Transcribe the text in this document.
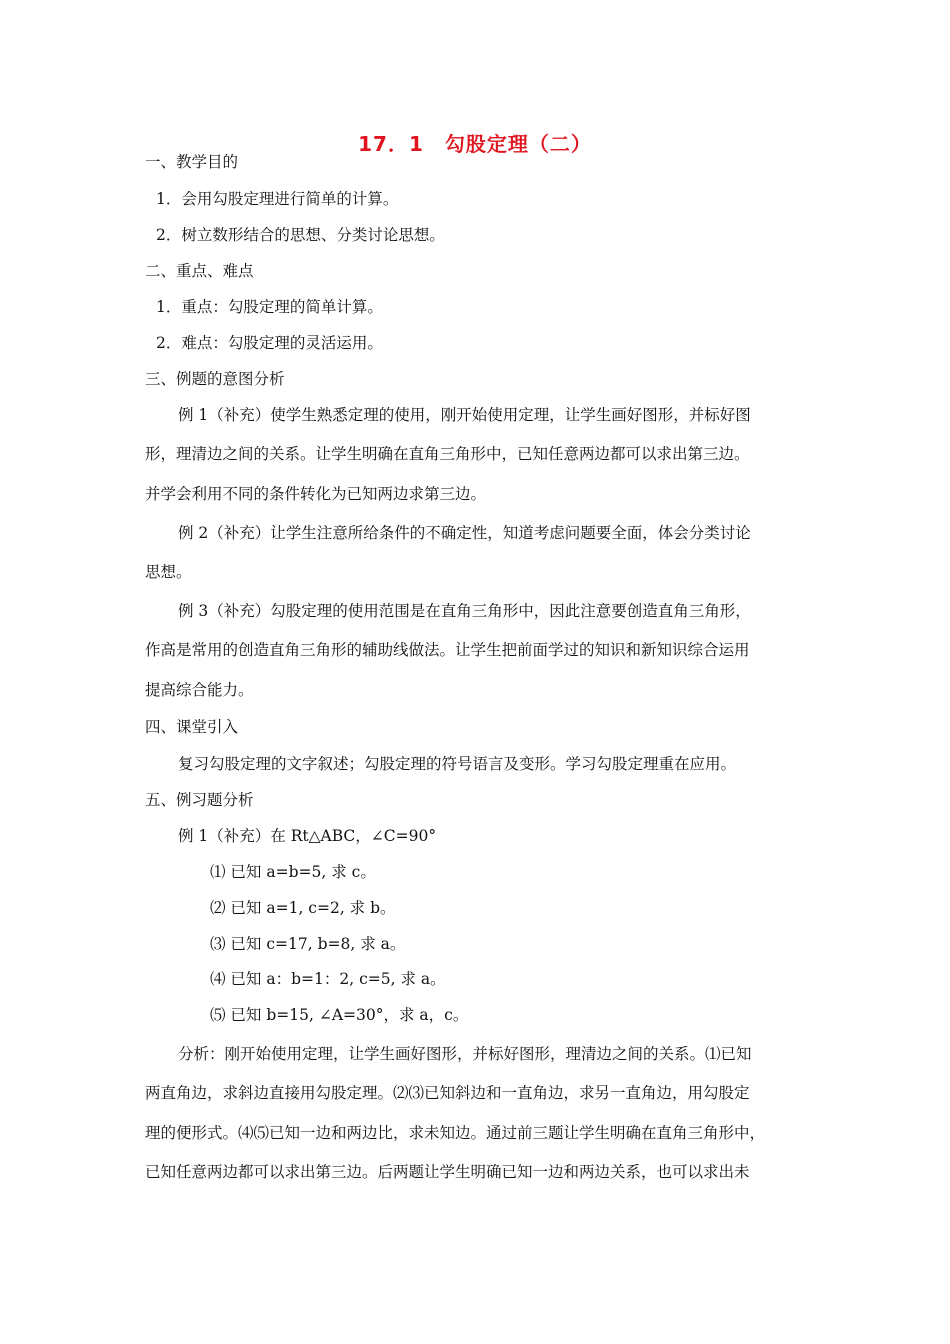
17．1　勾股定理（二）
一、教学目的
1．会用勾股定理进行简单的计算。
2．树立数形结合的思想、分类讨论思想。
二、重点、难点
1．重点：勾股定理的简单计算。
2．难点：勾股定理的灵活运用。
三、例题的意图分析
例 1（补充）使学生熟悉定理的使用，刚开始使用定理，让学生画好图形，并标好图
形，理清边之间的关系。让学生明确在直角三角形中，已知任意两边都可以求出第三边。
并学会利用不同的条件转化为已知两边求第三边。
例 2（补充）让学生注意所给条件的不确定性，知道考虑问题要全面，体会分类讨论
思想。
例 3（补充）勾股定理的使用范围是在直角三角形中，因此注意要创造直角三角形，
作高是常用的创造直角三角形的辅助线做法。让学生把前面学过的知识和新知识综合运用
提高综合能力。
四、课堂引入
复习勾股定理的文字叙述；勾股定理的符号语言及变形。学习勾股定理重在应用。
五、例习题分析
例 1（补充）在 Rt△ABC，∠C=90°
⑴ 已知 a=b=5, 求 c。
⑵ 已知 a=1, c=2, 求 b。
⑶ 已知 c=17, b=8, 求 a。
⑷ 已知 a：b=1：2, c=5, 求 a。
⑸ 已知 b=15, ∠A=30°，求 a，c。
分析：刚开始使用定理，让学生画好图形，并标好图形，理清边之间的关系。⑴已知
两直角边，求斜边直接用勾股定理。⑵⑶已知斜边和一直角边，求另一直角边，用勾股定
理的便形式。⑷⑸已知一边和两边比，求未知边。通过前三题让学生明确在直角三角形中，
已知任意两边都可以求出第三边。后两题让学生明确已知一边和两边关系，也可以求出未
